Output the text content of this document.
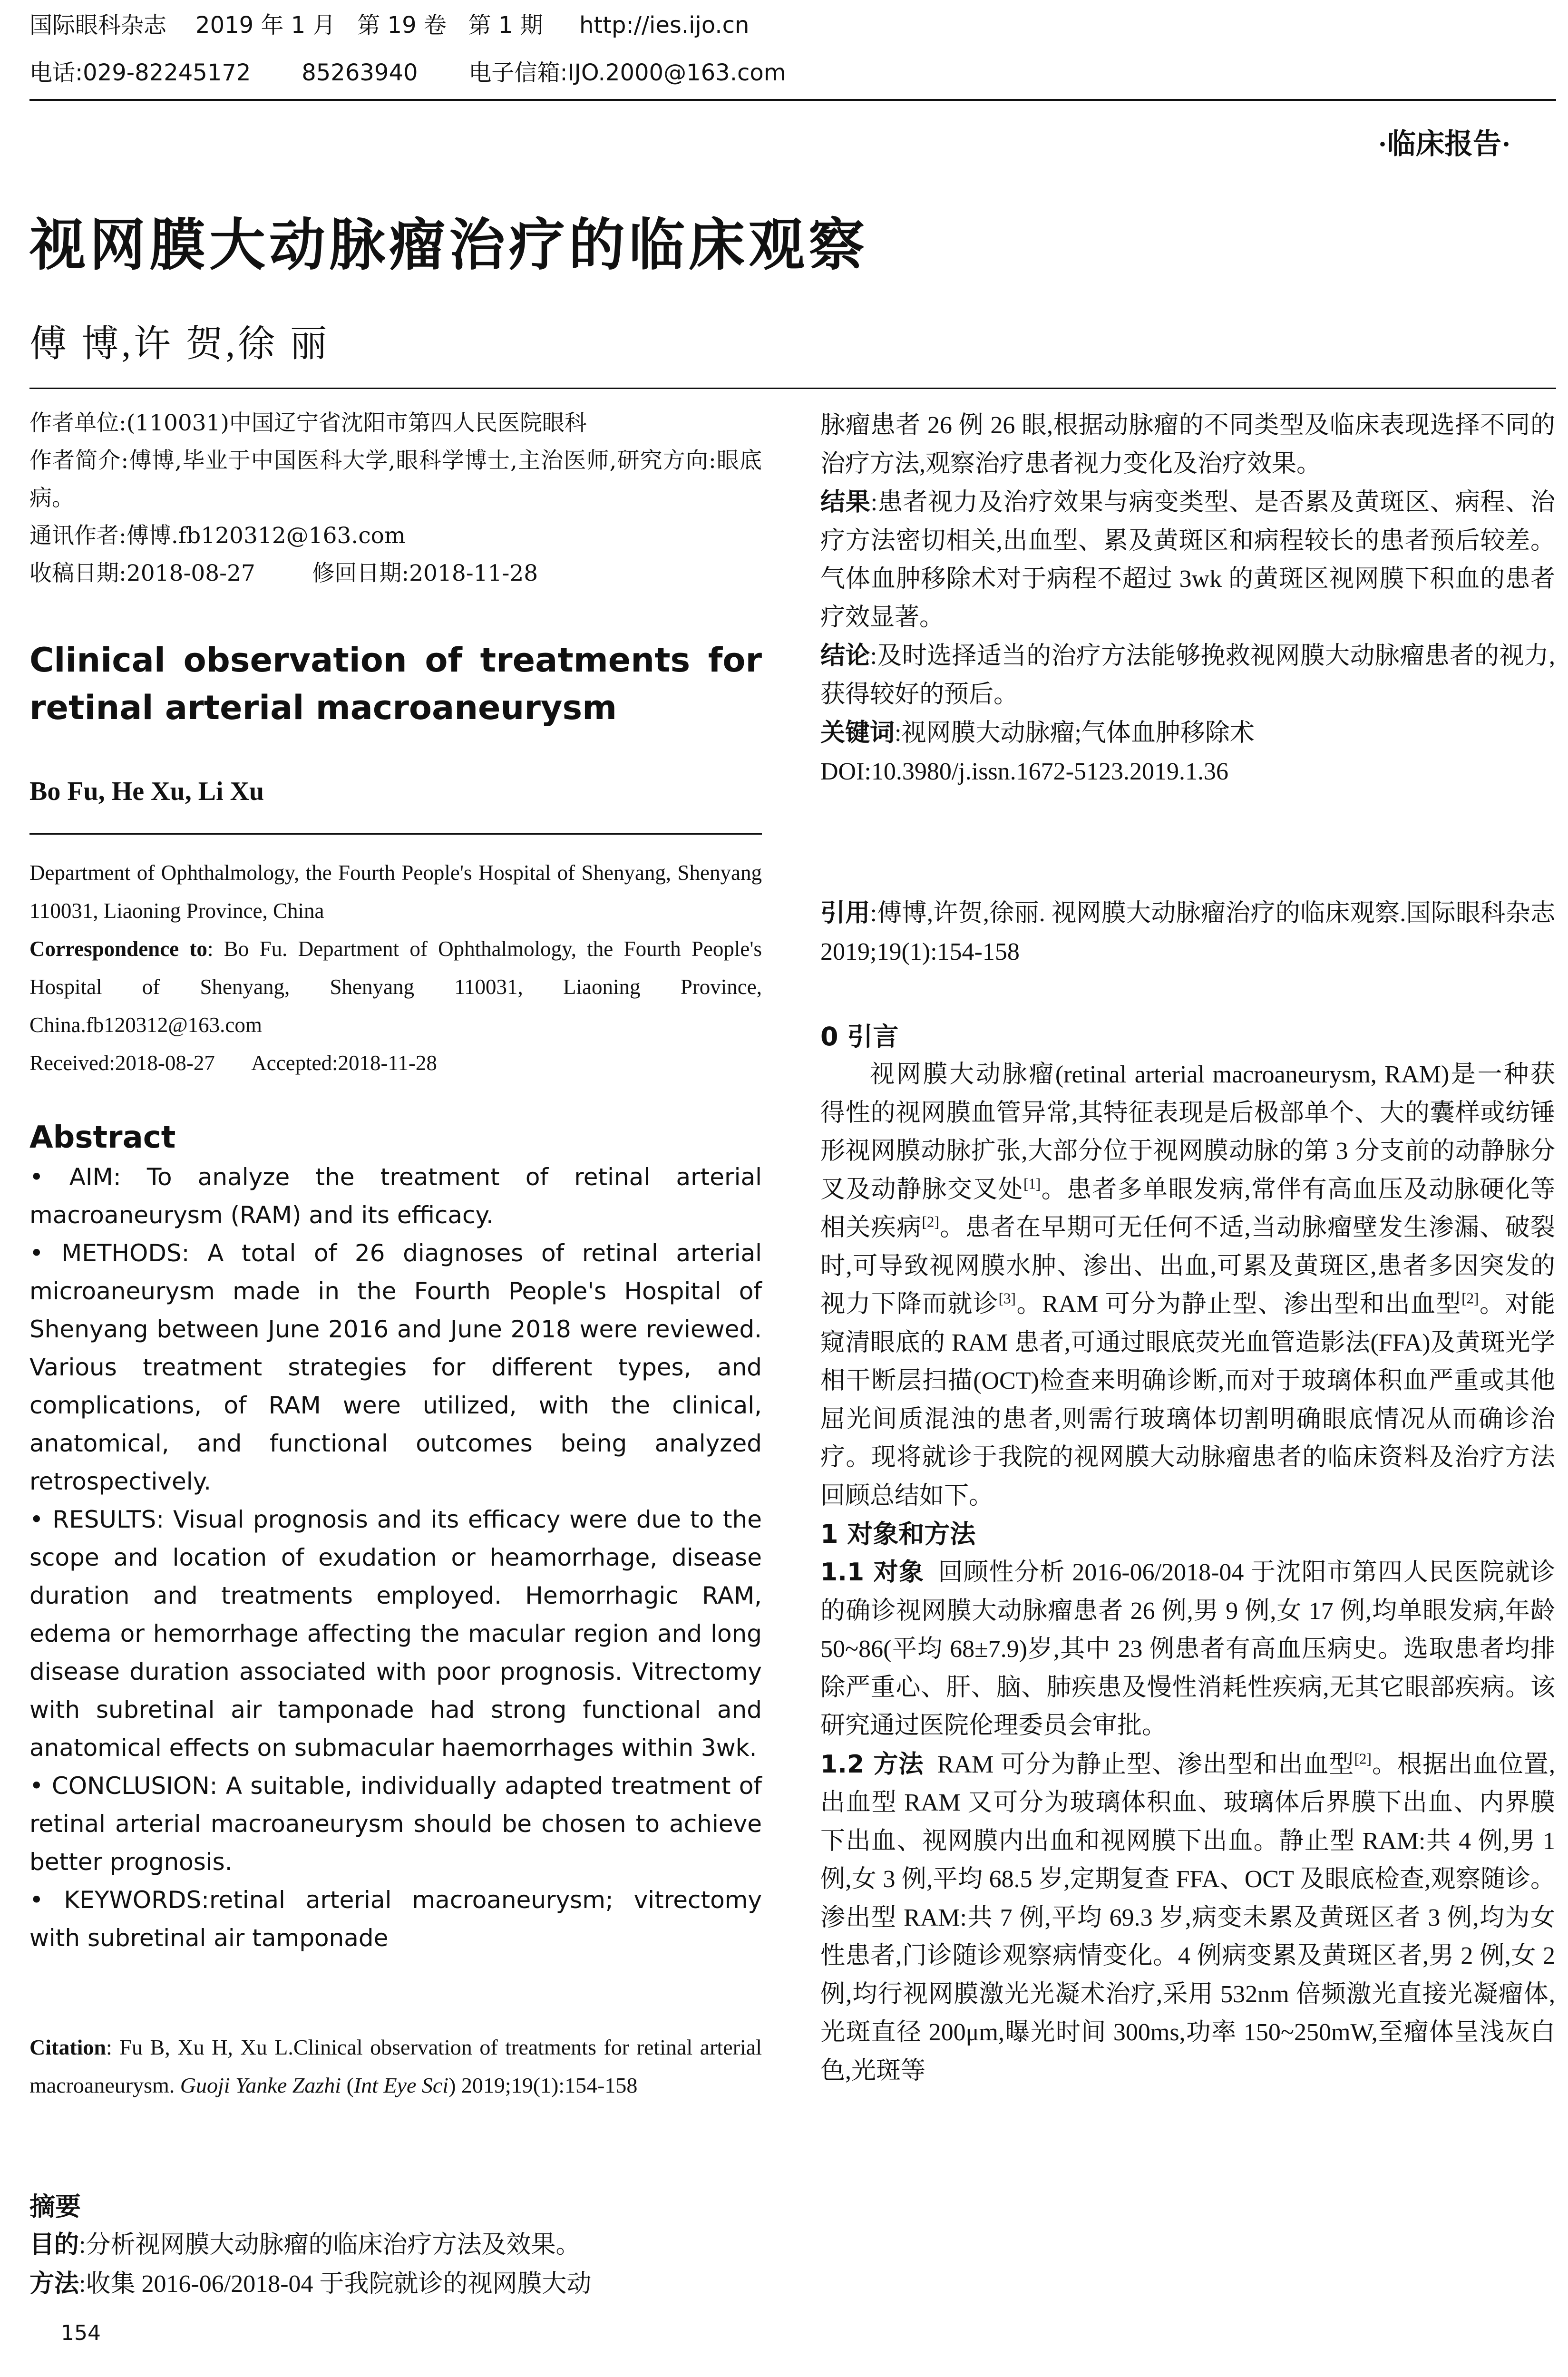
国际眼科杂志    2019 年 1 月   第 19 卷   第 1 期     http://ies.ijo.cn
电话:029-82245172       85263940       电子信箱:IJO.2000@163.com
·临床报告·
视网膜大动脉瘤治疗的临床观察
傅 博,许 贺,徐 丽

作者单位:(110031)中国辽宁省沈阳市第四人民医院眼科

作者简介:傅博,毕业于中国医科大学,眼科学博士,主治医师,研究方向:眼底病。

通讯作者:傅博.fb120312@163.com

收稿日期:2018-08-27        修回日期:2018-11-28

Clinical observation of treatments for retinal arterial macroaneurysm

Bo Fu, He Xu, Li Xu

Department of Ophthalmology, the Fourth People's Hospital of Shenyang, Shenyang 110031, Liaoning Province, China

Correspondence to: Bo Fu. Department of Ophthalmology, the Fourth People's Hospital of Shenyang, Shenyang 110031, Liaoning Province, China.fb120312@163.com

Received:2018-08-27       Accepted:2018-11-28

Abstract

• AIM: To analyze the treatment of retinal arterial macroaneurysm (RAM) and its efficacy.

• METHODS: A total of 26 diagnoses of retinal arterial microaneurysm made in the Fourth People's Hospital of Shenyang between June 2016 and June 2018 were reviewed. Various treatment strategies for different types, and complications, of RAM were utilized, with the clinical, anatomical, and functional outcomes being analyzed retrospectively.

• RESULTS: Visual prognosis and its efficacy were due to the scope and location of exudation or heamorrhage, disease duration and treatments employed. Hemorrhagic RAM, edema or hemorrhage affecting the macular region and long disease duration associated with poor prognosis. Vitrectomy with subretinal air tamponade had strong functional and anatomical effects on submacular haemorrhages within 3wk.

• CONCLUSION: A suitable, individually adapted treatment of retinal arterial macroaneurysm should be chosen to achieve better prognosis.

• KEYWORDS:retinal arterial macroaneurysm; vitrectomy with subretinal air tamponade

Citation: Fu B, Xu H, Xu L.Clinical observation of treatments for retinal arterial macroaneurysm. Guoji Yanke Zazhi (Int Eye Sci) 2019;19(1):154-158

摘要

目的:分析视网膜大动脉瘤的临床治疗方法及效果。

方法:收集 2016-06/2018-04 于我院就诊的视网膜大动

154

脉瘤患者 26 例 26 眼,根据动脉瘤的不同类型及临床表现选择不同的治疗方法,观察治疗患者视力变化及治疗效果。

结果:患者视力及治疗效果与病变类型、是否累及黄斑区、病程、治疗方法密切相关,出血型、累及黄斑区和病程较长的患者预后较差。气体血肿移除术对于病程不超过 3wk 的黄斑区视网膜下积血的患者疗效显著。

结论:及时选择适当的治疗方法能够挽救视网膜大动脉瘤患者的视力,获得较好的预后。

关键词:视网膜大动脉瘤;气体血肿移除术

DOI:10.3980/j.issn.1672-5123.2019.1.36

引用:傅博,许贺,徐丽. 视网膜大动脉瘤治疗的临床观察.国际眼科杂志 2019;19(1):154-158

0 引言

视网膜大动脉瘤(retinal arterial macroaneurysm, RAM)是一种获得性的视网膜血管异常,其特征表现是后极部单个、大的囊样或纺锤形视网膜动脉扩张,大部分位于视网膜动脉的第 3 分支前的动静脉分叉及动静脉交叉处[1]。患者多单眼发病,常伴有高血压及动脉硬化等相关疾病[2]。患者在早期可无任何不适,当动脉瘤壁发生渗漏、破裂时,可导致视网膜水肿、渗出、出血,可累及黄斑区,患者多因突发的视力下降而就诊[3]。RAM 可分为静止型、渗出型和出血型[2]。对能窥清眼底的 RAM 患者,可通过眼底荧光血管造影法(FFA)及黄斑光学相干断层扫描(OCT)检查来明确诊断,而对于玻璃体积血严重或其他屈光间质混浊的患者,则需行玻璃体切割明确眼底情况从而确诊治疗。现将就诊于我院的视网膜大动脉瘤患者的临床资料及治疗方法回顾总结如下。

1 对象和方法

1.1 对象  回顾性分析 2016-06/2018-04 于沈阳市第四人民医院就诊的确诊视网膜大动脉瘤患者 26 例,男 9 例,女 17 例,均单眼发病,年龄 50~86(平均 68±7.9)岁,其中 23 例患者有高血压病史。选取患者均排除严重心、肝、脑、肺疾患及慢性消耗性疾病,无其它眼部疾病。该研究通过医院伦理委员会审批。

1.2 方法  RAM 可分为静止型、渗出型和出血型[2]。根据出血位置,出血型 RAM 又可分为玻璃体积血、玻璃体后界膜下出血、内界膜下出血、视网膜内出血和视网膜下出血。静止型 RAM:共 4 例,男 1 例,女 3 例,平均 68.5 岁,定期复查 FFA、OCT 及眼底检查,观察随诊。渗出型 RAM:共 7 例,平均 69.3 岁,病变未累及黄斑区者 3 例,均为女性患者,门诊随诊观察病情变化。4 例病变累及黄斑区者,男 2 例,女 2 例,均行视网膜激光光凝术治疗,采用 532nm 倍频激光直接光凝瘤体,光斑直径 200μm,曝光时间 300ms,功率 150~250mW,至瘤体呈浅灰白色,光斑等
